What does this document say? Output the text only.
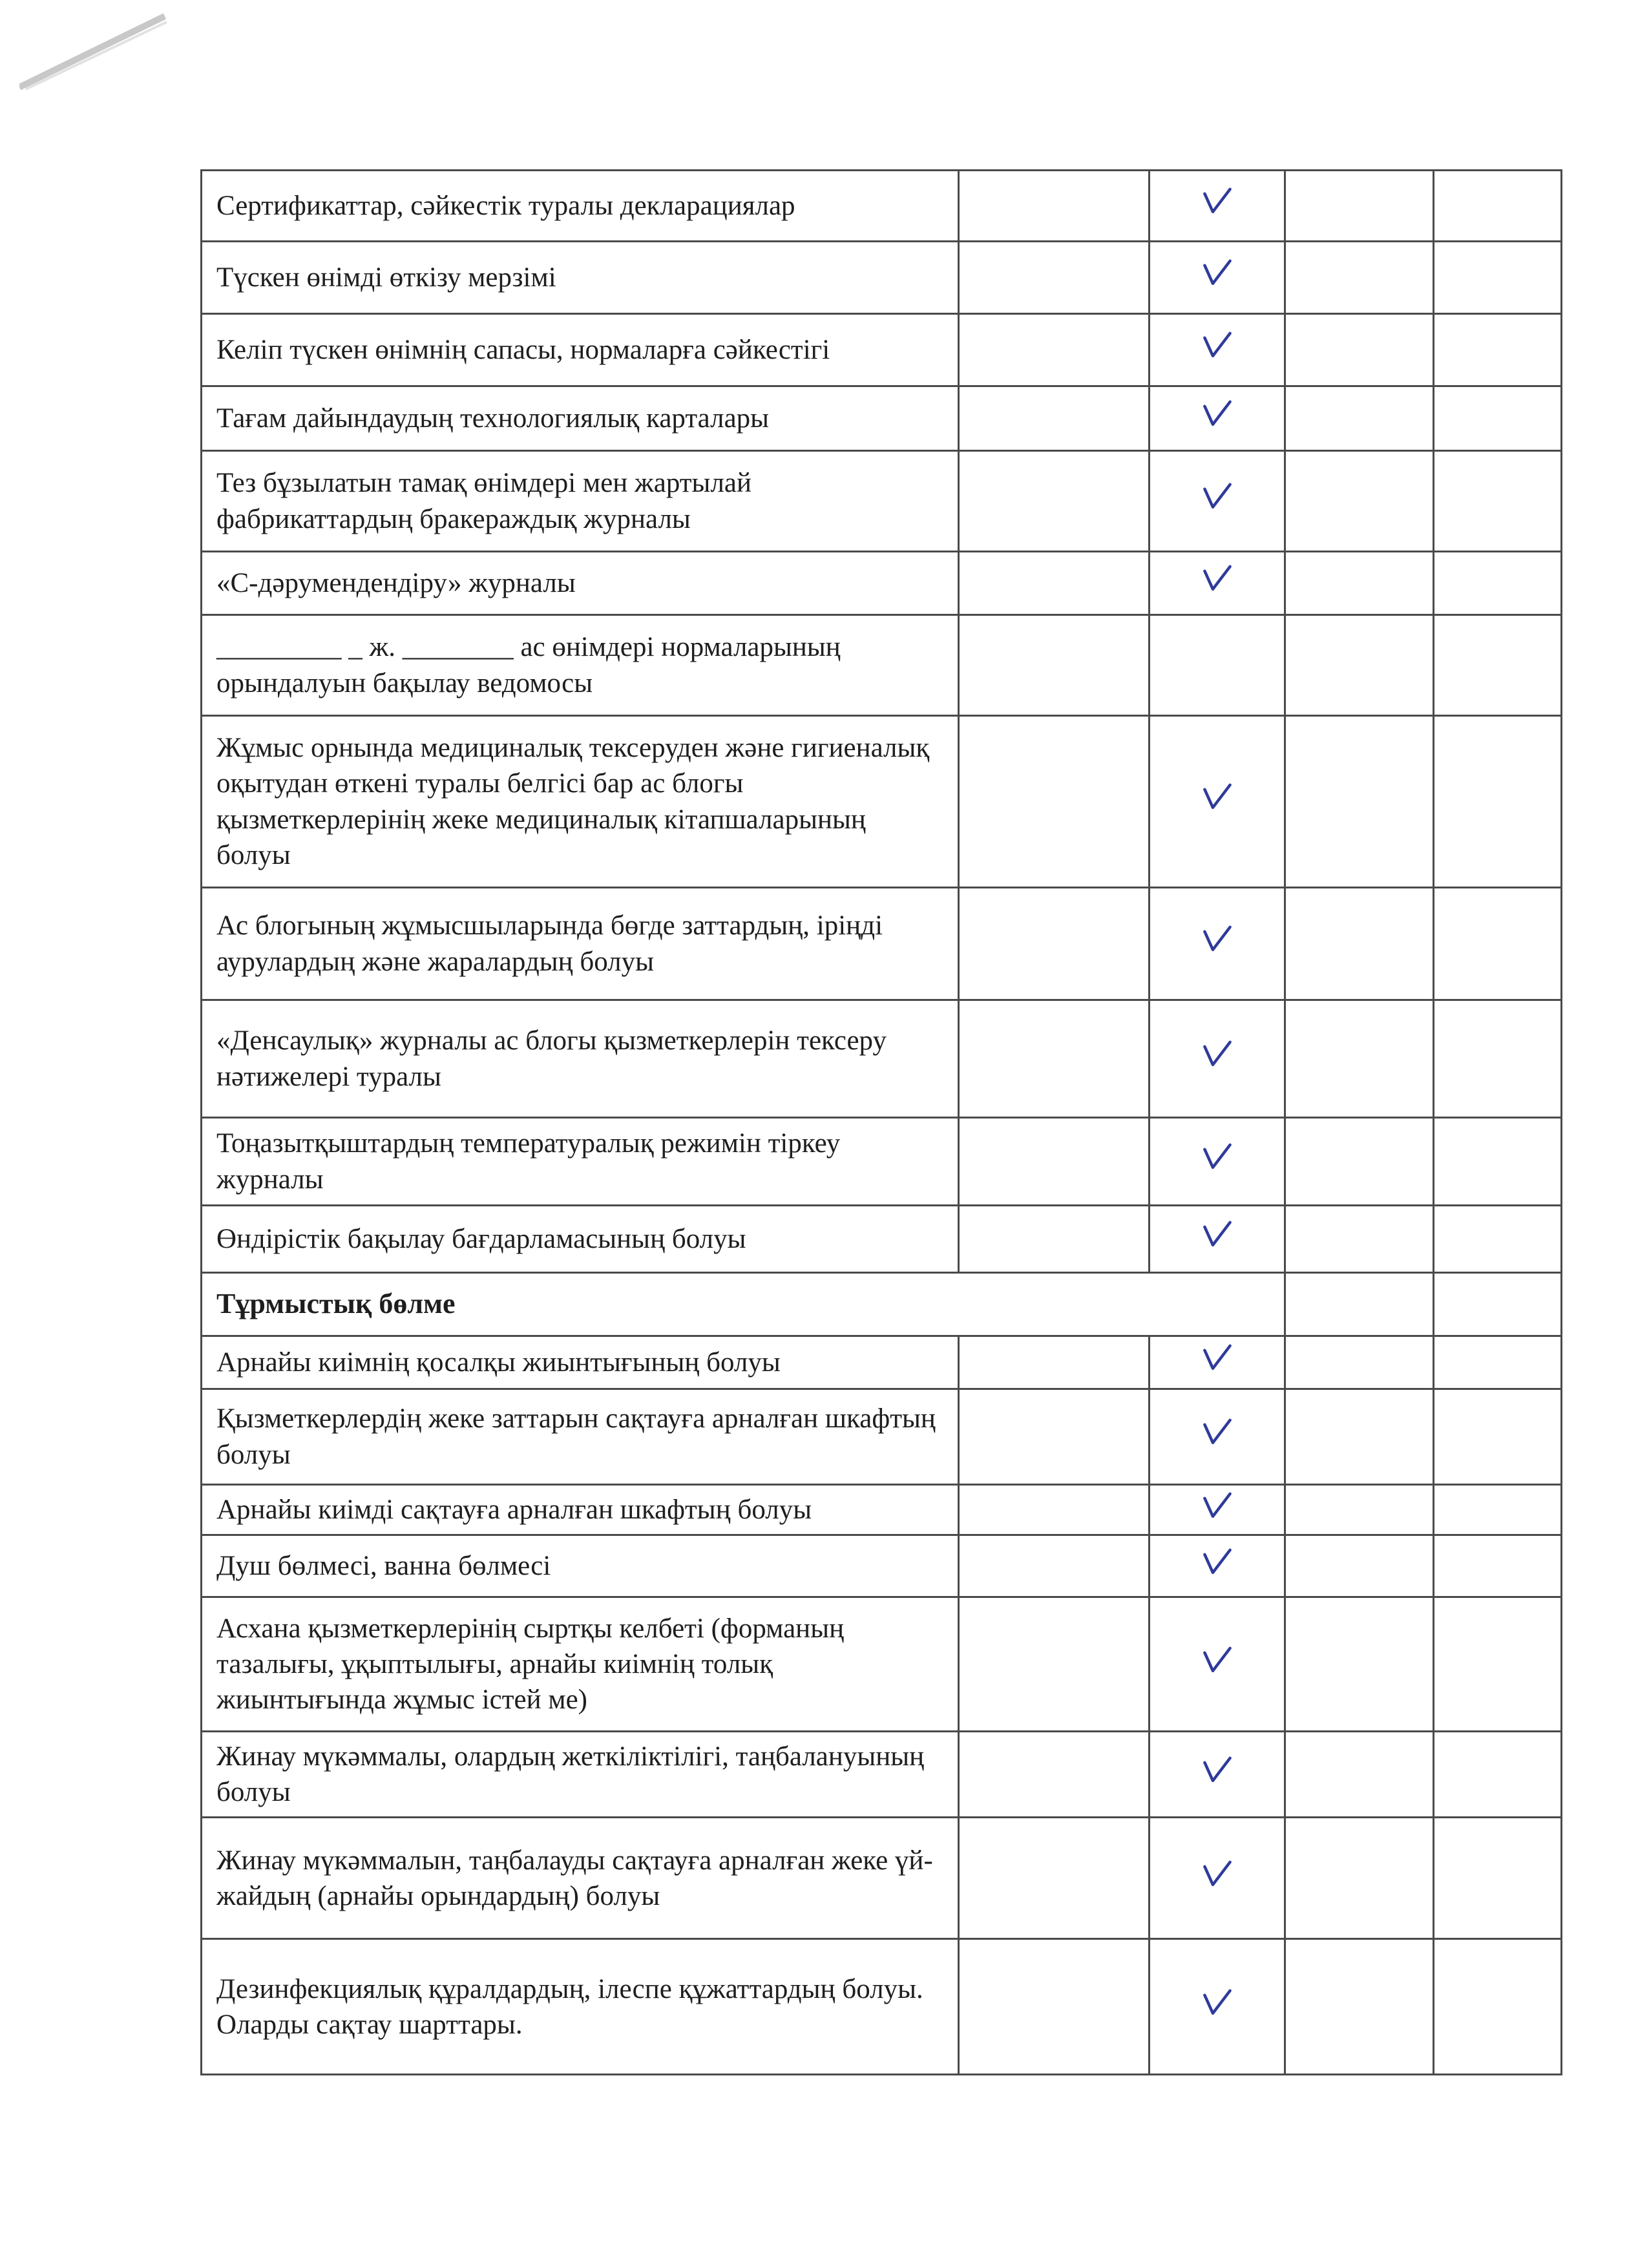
Сертификаттар, сәйкестік туралы декларациялар				
Түскен өнімді өткізу мерзімі				
Келіп түскен өнімнің сапасы, нормаларға сәйкестігі				
Тағам дайындаудың технологиялық карталары				
Тез бұзылатын тамақ өнімдері мен жартылай фабрикаттардың бракераждық журналы				
«С-дәрумендендіру» журналы				
_________ _ ж. ________ ас өнімдері нормаларының орындалуын бақылау ведомосы				
Жұмыс орнында медициналық тексеруден және гигиеналық оқытудан өткені туралы белгісі бар ас блогы қызметкерлерінің жеке медициналық кітапшаларының болуы				
Ас блогының жұмысшыларында бөгде заттардың, іріңді аурулардың және жаралардың болуы				
«Денсаулық» журналы ас блогы қызметкерлерін тексеру нәтижелері туралы				
Тоңазытқыштардың температуралық режимін тіркеу журналы				
Өндірістік бақылау бағдарламасының болуы				
Тұрмыстық бөлме				
Арнайы киімнің қосалқы жиынтығының болуы				
Қызметкерлердің жеке заттарын сақтауға арналған шкафтың болуы				
Арнайы киімді сақтауға арналған шкафтың болуы				
Душ бөлмесі, ванна бөлмесі				
Асхана қызметкерлерінің сыртқы келбеті (форманың тазалығы, ұқыптылығы, арнайы киімнің толық жиынтығында жұмыс істей ме)				
Жинау мүкәммалы, олардың жеткіліктілігі, таңбалануының болуы				
Жинау мүкәммалын, таңбалауды сақтауға арналған жеке үй-жайдың (арнайы орындардың) болуы				
Дезинфекциялық құралдардың, ілеспе құжаттардың болуы. Оларды сақтау шарттары.				
